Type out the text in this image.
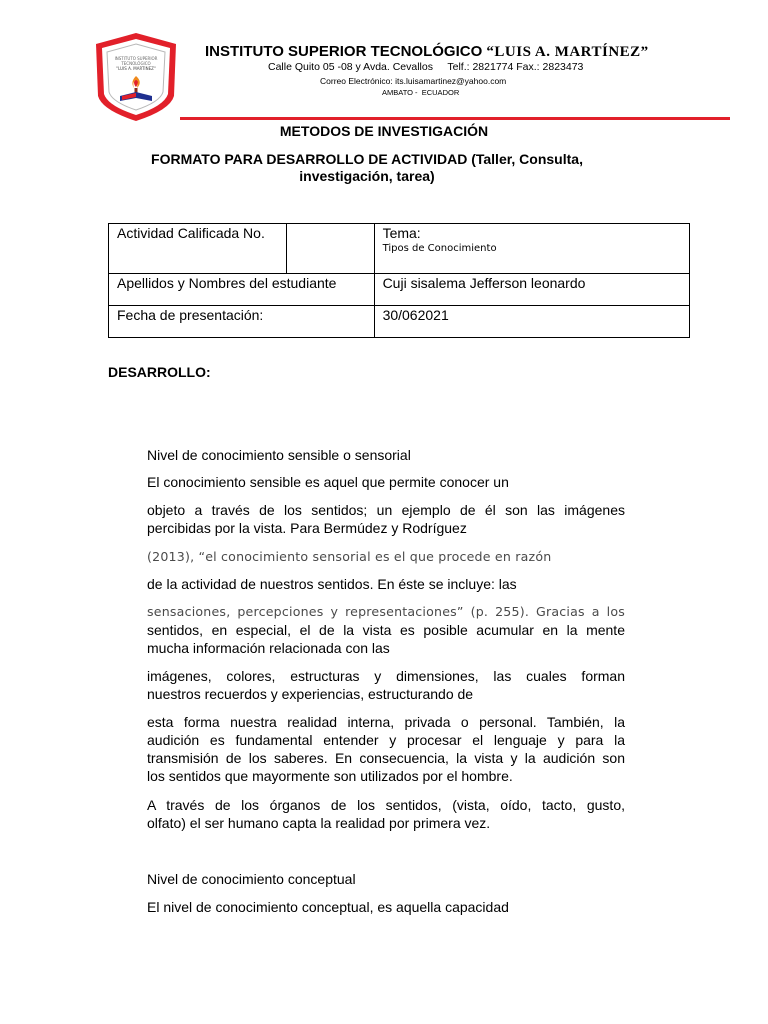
INSTITUTO SUPERIOR
TECNOLÓGICO
"LUIS A. MARTINEZ"
INSTITUTO SUPERIOR TECNOLÓGICO “LUIS A. MARTÍNEZ”
Calle Quito 05 -08 y Avda. Cevallos     Telf.: 2821774 Fax.: 2823473
Correo Electrónico: its.luisamartinez@yahoo.com
AMBATO -  ECUADOR
METODOS DE INVESTIGACIÓN
FORMATO PARA DESARROLLO DE ACTIVIDAD (Taller, Consulta,
investigación, tarea)
Actividad Calificada No.		Tema:
Tipos de Conocimiento

Apellidos y Nombres del estudiante		Cuji sisalema Jefferson leonardo
Fecha de presentación:		30/062021
DESARROLLO:
Nivel de conocimiento sensible o sensorial
El conocimiento sensible es aquel que permite conocer un
objeto a través de los sentidos; un ejemplo de él son las imágenes
percibidas por la vista. Para Bermúdez y Rodríguez
(2013), “el conocimiento sensorial es el que procede en razón
de la actividad de nuestros sentidos. En éste se incluye: las
sensaciones, percepciones y representaciones” (p. 255). Gracias a los
sentidos, en especial, el de la vista es posible acumular en la mente
mucha información relacionada con las
imágenes, colores, estructuras y dimensiones, las cuales forman
nuestros recuerdos y experiencias, estructurando de
esta forma nuestra realidad interna, privada o personal. También, la
audición es fundamental entender y procesar el lenguaje y para la
transmisión de los saberes. En consecuencia, la vista y la audición son
los sentidos que mayormente son utilizados por el hombre.
A través de los órganos de los sentidos, (vista, oído, tacto, gusto,
olfato) el ser humano capta la realidad por primera vez.
Nivel de conocimiento conceptual
El nivel de conocimiento conceptual, es aquella capacidad
